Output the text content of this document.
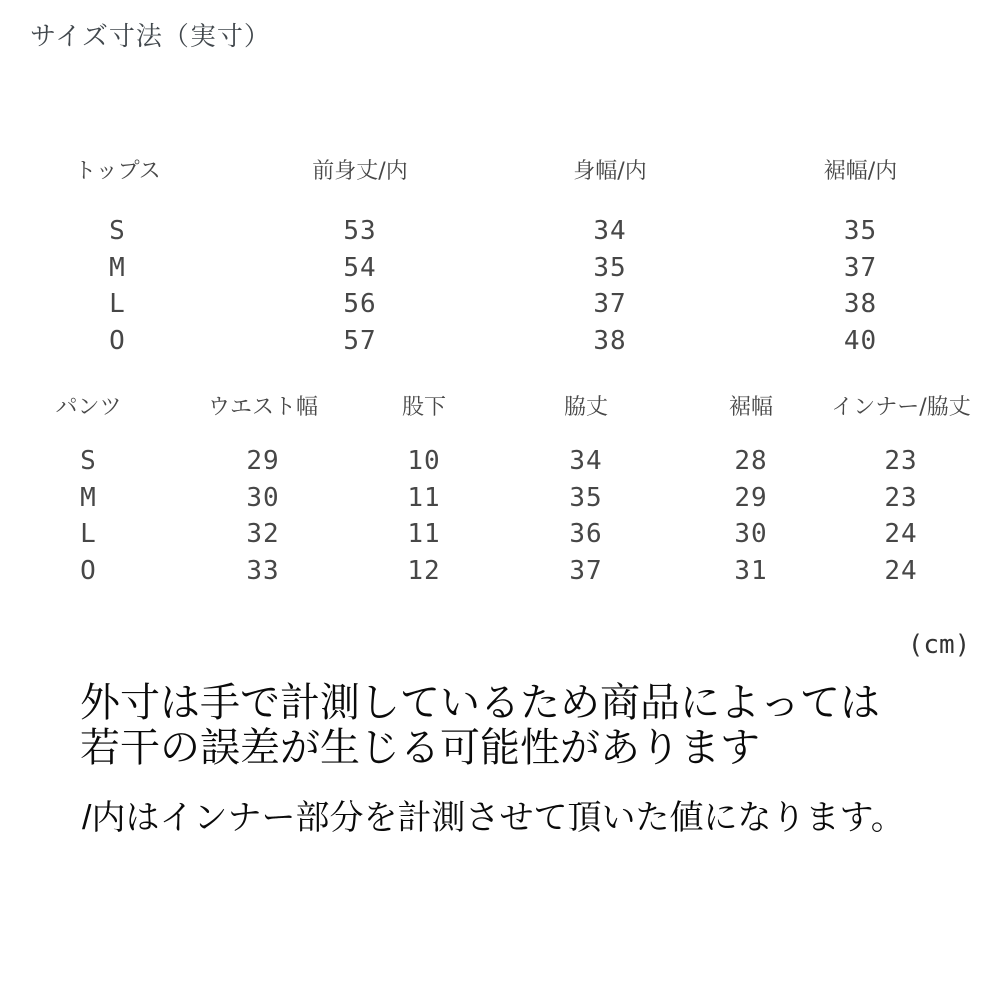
サイズ寸法（実寸）
トップス	前身丈/内	身幅/内	裾幅/内
S	53	34	35
M	54	35	37
L	56	37	38
O	57	38	40
パンツ	ウエスト幅	股下	脇丈	裾幅	インナー/脇丈
S	29	10	34	28	23
M	30	11	35	29	23
L	32	11	36	30	24
O	33	12	37	31	24
(cm)
外寸は手で計測しているため商品によっては
若干の誤差が生じる可能性があります
/内はインナー部分を計測させて頂いた値になります。
